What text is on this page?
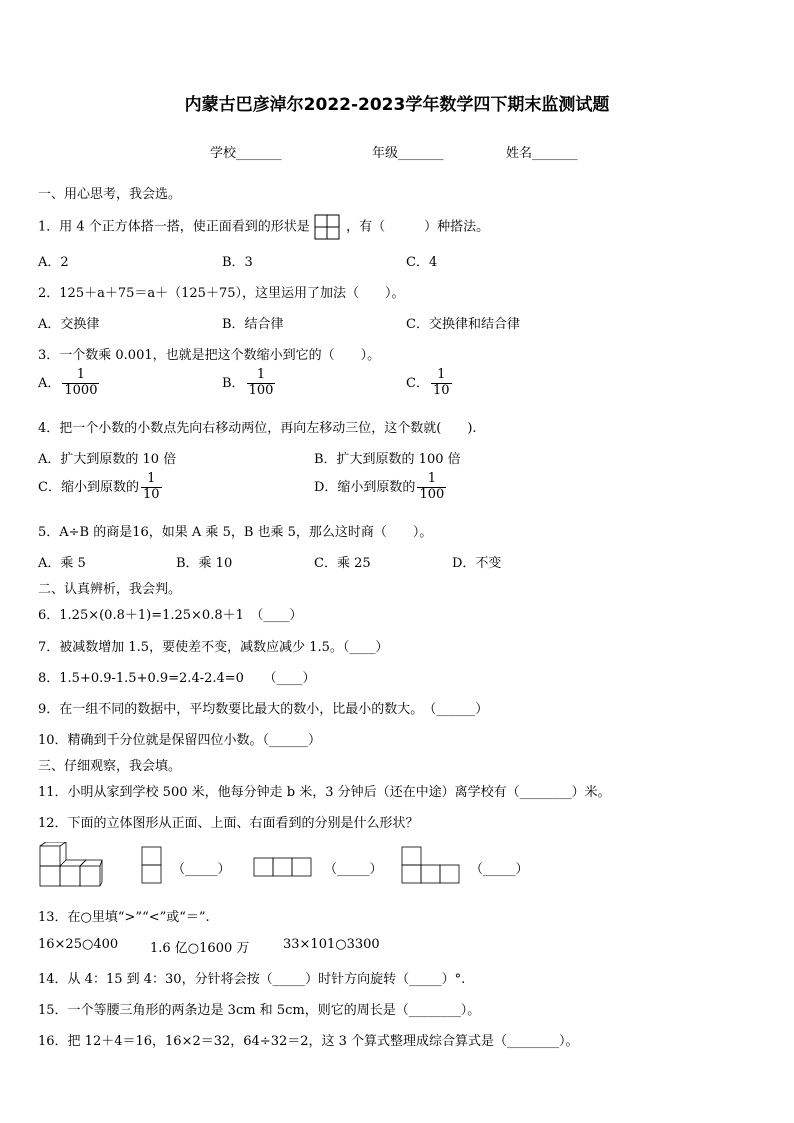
内蒙古巴彦淖尔2022-2023学年数学四下期末监测试题
学校_______	年级_______	姓名_______
一、用心思考，我会选。
1．用 4 个正方体搭一搭，使正面看到的形状是	，有（　　　）种搭法。
A．2	B．3	C．4
2．125＋a＋75＝a＋（125＋75），这里运用了加法（　　）。
A．交换律	B．结合律	C．交换律和结合律
3．一个数乘 0.001，也就是把这个数缩小到它的（　　）。
A． $\frac{1}{1000}$	B． $\frac{1}{100}$	C． $\frac{1}{10}$
4．把一个小数的小数点先向右移动两位，再向左移动三位，这个数就(　　).
A．扩大到原数的 10 倍	B．扩大到原数的 100 倍
C．缩小到原数的 $\frac{1}{10}$	D．缩小到原数的 $\frac{1}{100}$
5．A÷B 的商是16，如果 A 乘 5，B 也乘 5，那么这时商（　　）。
A．乘 5	B．乘 10	C．乘 25	D．不变
二、认真辨析，我会判。
6．1.25×(0.8＋1)=1.25×0.8＋1　（____）
7．被减数增加 1.5，要使差不变，减数应减少 1.5。（____）
8．1.5+0.9-1.5+0.9=2.4-2.4=0　　（____）
9．在一组不同的数据中，平均数要比最大的数小，比最小的数大。　（______）
10．精确到千分位就是保留四位小数。（______）
三、仔细观察，我会填。
11．小明从家到学校 500 米，他每分钟走 b 米，3 分钟后（还在中途）离学校有（________）米。
12．下面的立体图形从正面、上面、右面看到的分别是什么形状？
（_____）	（_____）	（_____）
13．在○里填“>”“<”或“＝”.
16×25○400 1.6 亿○1600 万	33×101○3300
14．从 4：15 到 4：30，分针将会按（_____）时针方向旋转（_____）°.
15．一个等腰三角形的两条边是 3cm 和 5cm，则它的周长是（________）。
16．把 12＋4＝16，16×2＝32，64÷32＝2，这 3 个算式整理成综合算式是（________）。
